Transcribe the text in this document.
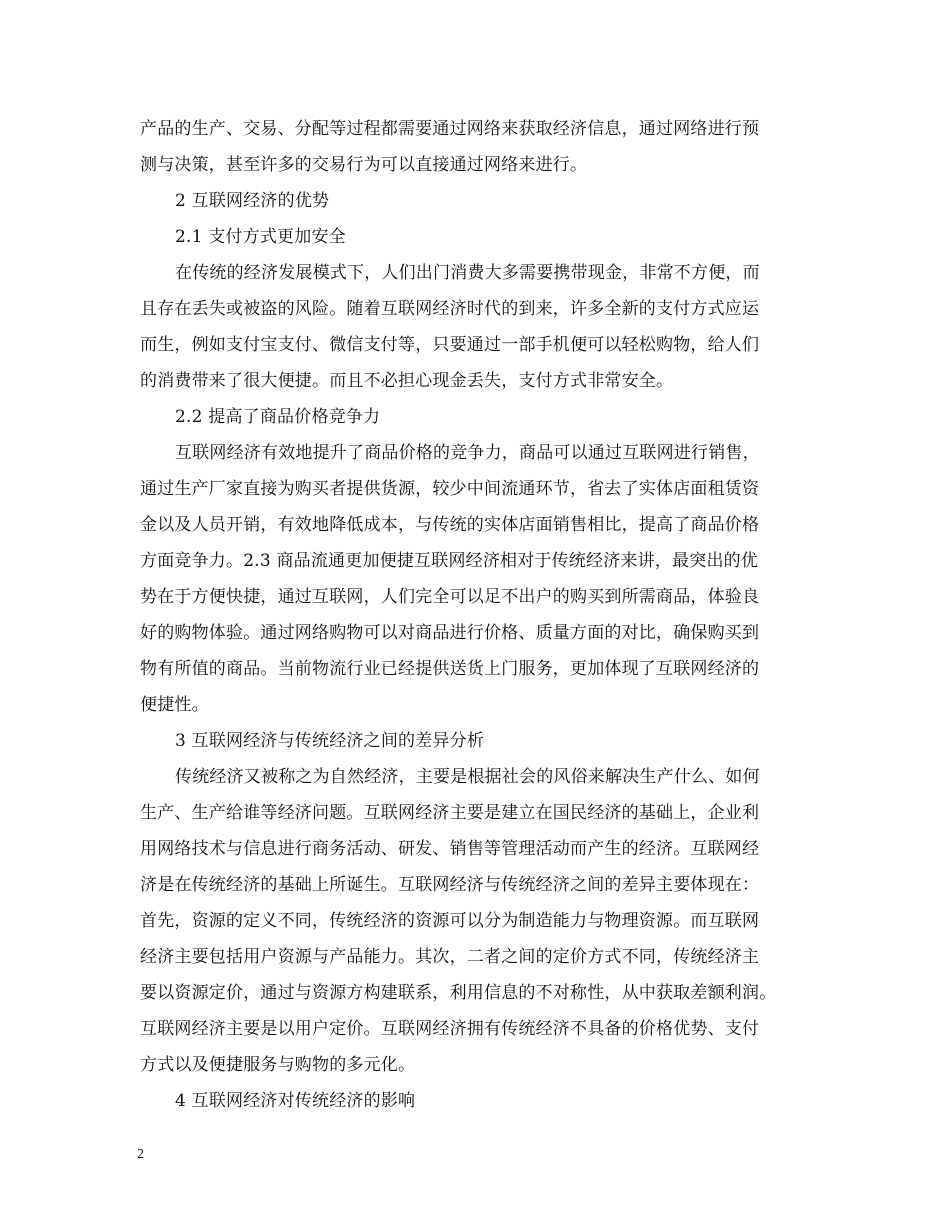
产品的生产、交易、分配等过程都需要通过网络来获取经济信息，通过网络进行预
测与决策，甚至许多的交易行为可以直接通过网络来进行。
2 互联网经济的优势
2.1 支付方式更加安全
在传统的经济发展模式下，人们出门消费大多需要携带现金，非常不方便，而
且存在丢失或被盗的风险。随着互联网经济时代的到来，许多全新的支付方式应运
而生，例如支付宝支付、微信支付等，只要通过一部手机便可以轻松购物，给人们
的消费带来了很大便捷。而且不必担心现金丢失，支付方式非常安全。
2.2 提高了商品价格竞争力
互联网经济有效地提升了商品价格的竞争力，商品可以通过互联网进行销售，
通过生产厂家直接为购买者提供货源，较少中间流通环节，省去了实体店面租赁资
金以及人员开销，有效地降低成本，与传统的实体店面销售相比，提高了商品价格
方面竞争力。2.3 商品流通更加便捷互联网经济相对于传统经济来讲，最突出的优
势在于方便快捷，通过互联网，人们完全可以足不出户的购买到所需商品，体验良
好的购物体验。通过网络购物可以对商品进行价格、质量方面的对比，确保购买到
物有所值的商品。当前物流行业已经提供送货上门服务，更加体现了互联网经济的
便捷性。
3 互联网经济与传统经济之间的差异分析
传统经济又被称之为自然经济，主要是根据社会的风俗来解决生产什么、如何
生产、生产给谁等经济问题。互联网经济主要是建立在国民经济的基础上，企业利
用网络技术与信息进行商务活动、研发、销售等管理活动而产生的经济。互联网经
济是在传统经济的基础上所诞生。互联网经济与传统经济之间的差异主要体现在：
首先，资源的定义不同，传统经济的资源可以分为制造能力与物理资源。而互联网
经济主要包括用户资源与产品能力。其次，二者之间的定价方式不同，传统经济主
要以资源定价，通过与资源方构建联系，利用信息的不对称性，从中获取差额利润。
互联网经济主要是以用户定价。互联网经济拥有传统经济不具备的价格优势、支付
方式以及便捷服务与购物的多元化。
4 互联网经济对传统经济的影响
2
